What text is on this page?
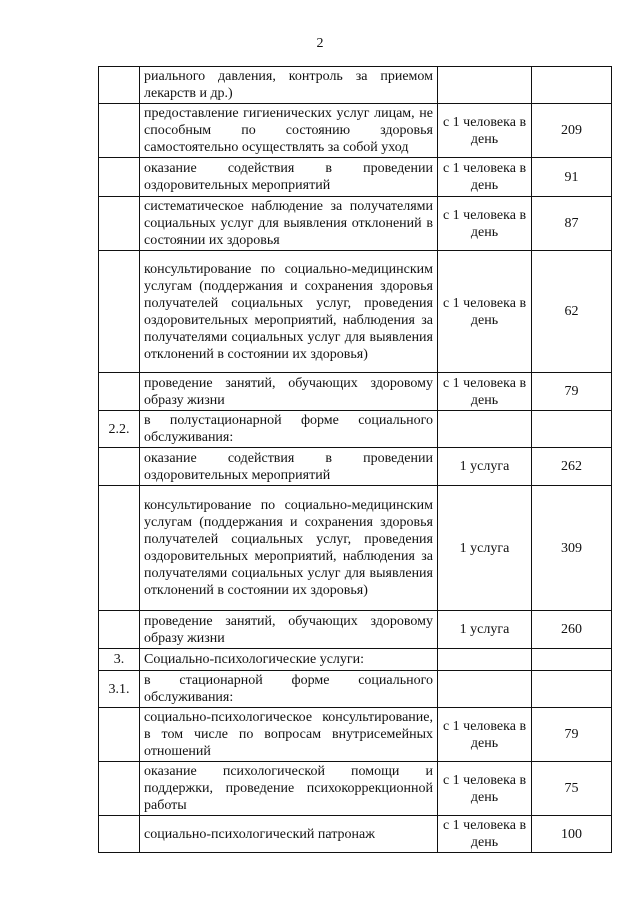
2
	риального давления, контроль за приемом лекарств и др.)		
	предоставление гигиенических услуг лицам, не способным по состоянию здоровья самостоятельно осуществлять за собой уход	с 1 человека в день	209
	оказание содействия в проведении оздоровительных мероприятий	с 1 человека в день	91
	систематическое наблюдение за получателями социальных услуг для выявления отклонений в состоянии их здоровья	с 1 человека в день	87
	консультирование по социально-медицинским услугам (поддержания и сохранения здоровья получателей социальных услуг, проведения оздоровительных мероприятий, наблюдения за получателями социальных услуг для выявления отклонений в состоянии их здоровья)	с 1 человека в день	62
	проведение занятий, обучающих здоровому образу жизни	с 1 человека в день	79
2.2.	в полустационарной форме социального обслуживания:		
	оказание содействия в проведении оздоровительных мероприятий	1 услуга	262
	консультирование по социально-медицинским услугам (поддержания и сохранения здоровья получателей социальных услуг, проведения оздоровительных мероприятий, наблюдения за получателями социальных услуг для выявления отклонений в состоянии их здоровья)	1 услуга	309
	проведение занятий, обучающих здоровому образу жизни	1 услуга	260
3.	Социально-психологические услуги:		
3.1.	в стационарной форме социального обслуживания:		
	социально-психологическое консультирование, в том числе по вопросам внутрисемейных отношений	с 1 человека в день	79
	оказание психологической помощи и поддержки, проведение психокоррекционной работы	с 1 человека в день	75
	социально-психологический патронаж	с 1 человека в день	100
